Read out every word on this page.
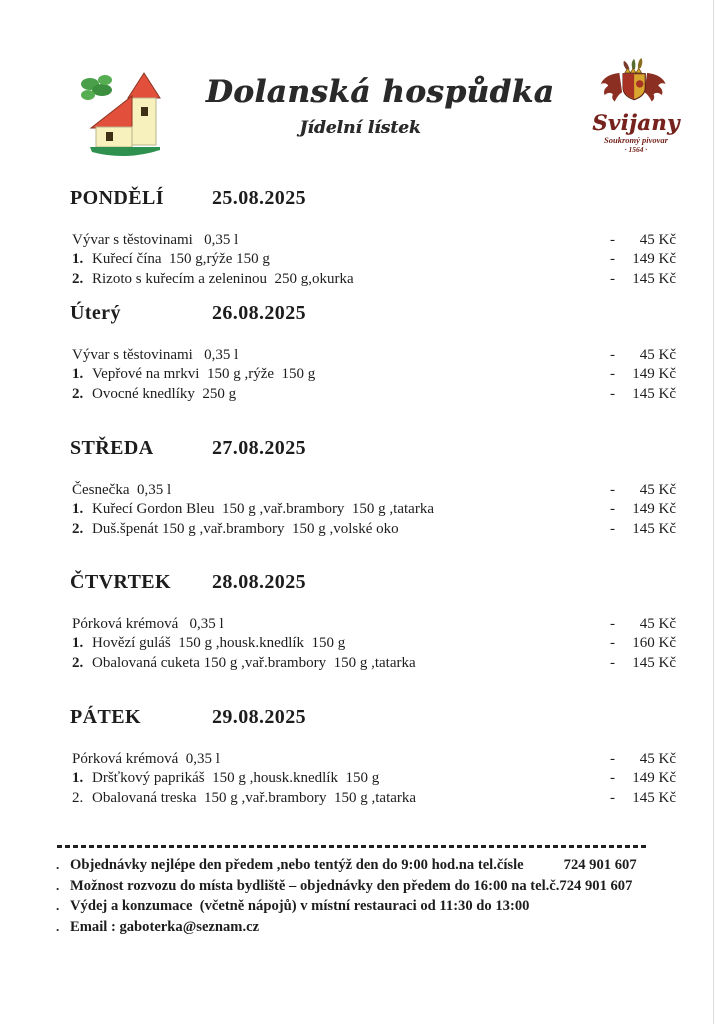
Dolanská hospůdka
Jídelní lístek	Svijany
Soukromý pivovar
· 1564 ·
PONDĚLÍ 25.08.2025
Vývar s těstovinami   0,35 l	- 45 Kč
1. Kuřecí čína  150 g,rýže 150 g	- 149 Kč
2. Rizoto s kuřecím a zeleninou  250 g,okurka	- 145 Kč
Úterý	26.08.2025
Vývar s těstovinami   0,35 l	- 45 Kč
1. Vepřové na mrkvi  150 g ,rýže  150 g	- 149 Kč
2. Ovocné knedlíky  250 g	- 145 Kč
STŘEDA	27.08.2025
Česnečka  0,35 l	- 45 Kč
1. Kuřecí Gordon Bleu  150 g ,vař.brambory  150 g ,tatarka	- 149 Kč
2. Duš.špenát 150 g ,vař.brambory  150 g ,volské oko	- 145 Kč
ČTVRTEK 28.08.2025
Pórková krémová   0,35 l	- 45 Kč
1. Hovězí guláš  150 g ,housk.knedlík  150 g	- 160 Kč
2. Obalovaná cuketa 150 g ,vař.brambory  150 g ,tatarka	- 145 Kč
PÁTEK	29.08.2025
Pórková krémová  0,35 l	- 45 Kč
1. Dršťkový paprikáš  150 g ,housk.knedlík  150 g	- 149 Kč
2. Obalovaná treska  150 g ,vař.brambory  150 g ,tatarka	- 145 Kč
. Objednávky nejlépe den předem ,nebo tentýž den do 9:00 hod.na tel.čísle	724 901 607
. Možnost rozvozu do místa bydliště – objednávky den předem do 16:00 na tel.č.724 901 607
. Výdej a konzumace  (včetně nápojů) v místní restauraci od 11:30 do 13:00
. Email : gaboterka@seznam.cz
